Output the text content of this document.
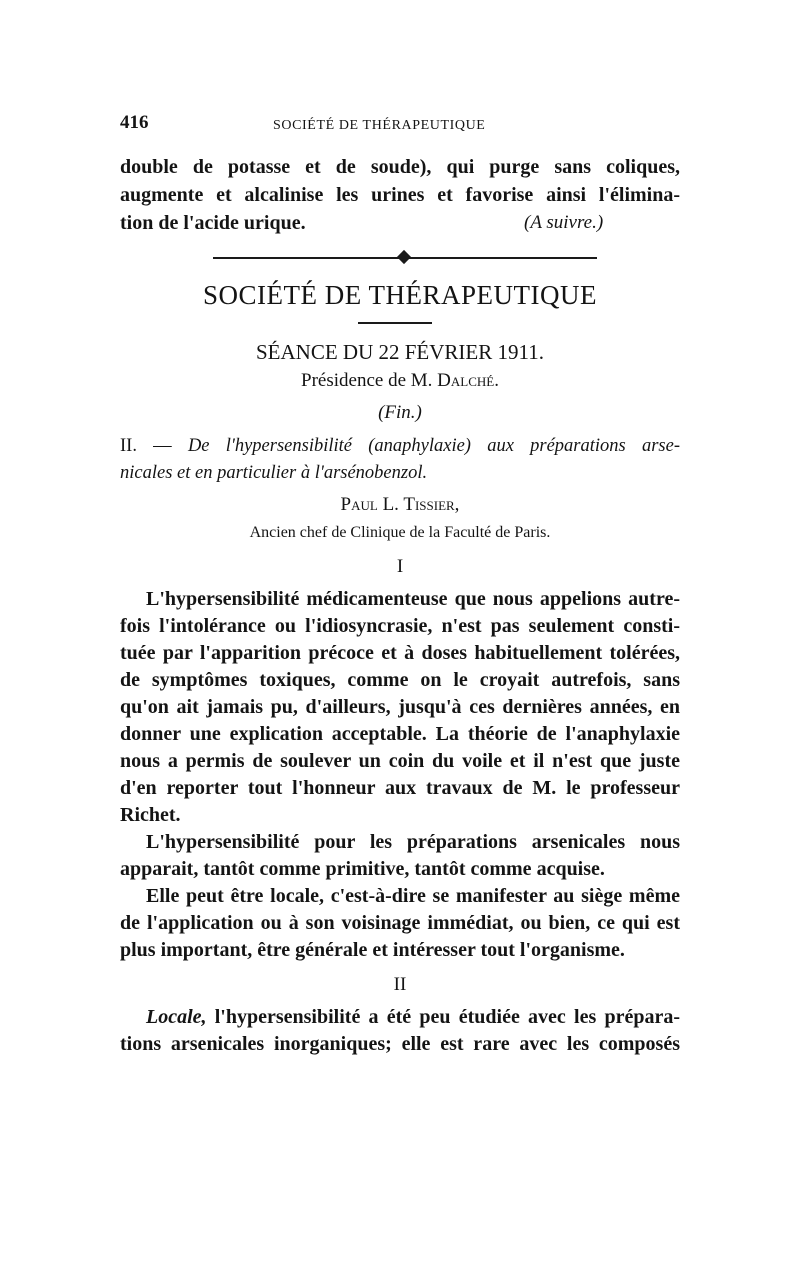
416	SOCIÉTÉ DE THÉRAPEUTIQUE
double de potasse et de soude), qui purge sans coliques,
augmente et alcalinise les urines et favorise ainsi l'élimina-
tion de l'acide urique.	(A suivre.)
SOCIÉTÉ DE THÉRAPEUTIQUE
SÉANCE DU 22 FÉVRIER 1911.
Présidence de M. Dalché.
(Fin.)
II. — De l'hypersensibilité (anaphylaxie) aux préparations arse-
nicales et en particulier à l'arsénobenzol.
Paul L. Tissier,
Ancien chef de Clinique de la Faculté de Paris.
I
L'hypersensibilité médicamenteuse que nous appelions autre-
fois l'intolérance ou l'idiosyncrasie, n'est pas seulement consti-
tuée par l'apparition précoce et à doses habituellement tolérées,
de symptômes toxiques, comme on le croyait autrefois, sans
qu'on ait jamais pu, d'ailleurs, jusqu'à ces dernières années, en
donner une explication acceptable. La théorie de l'anaphylaxie
nous a permis de soulever un coin du voile et il n'est que juste
d'en reporter tout l'honneur aux travaux de M. le professeur
Richet.
L'hypersensibilité pour les préparations arsenicales nous
apparait, tantôt comme primitive, tantôt comme acquise.
Elle peut être locale, c'est-à-dire se manifester au siège même
de l'application ou à son voisinage immédiat, ou bien, ce qui est
plus important, être générale et intéresser tout l'organisme.
II
Locale, l'hypersensibilité a été peu étudiée avec les prépara-
tions arsenicales inorganiques; elle est rare avec les composés
